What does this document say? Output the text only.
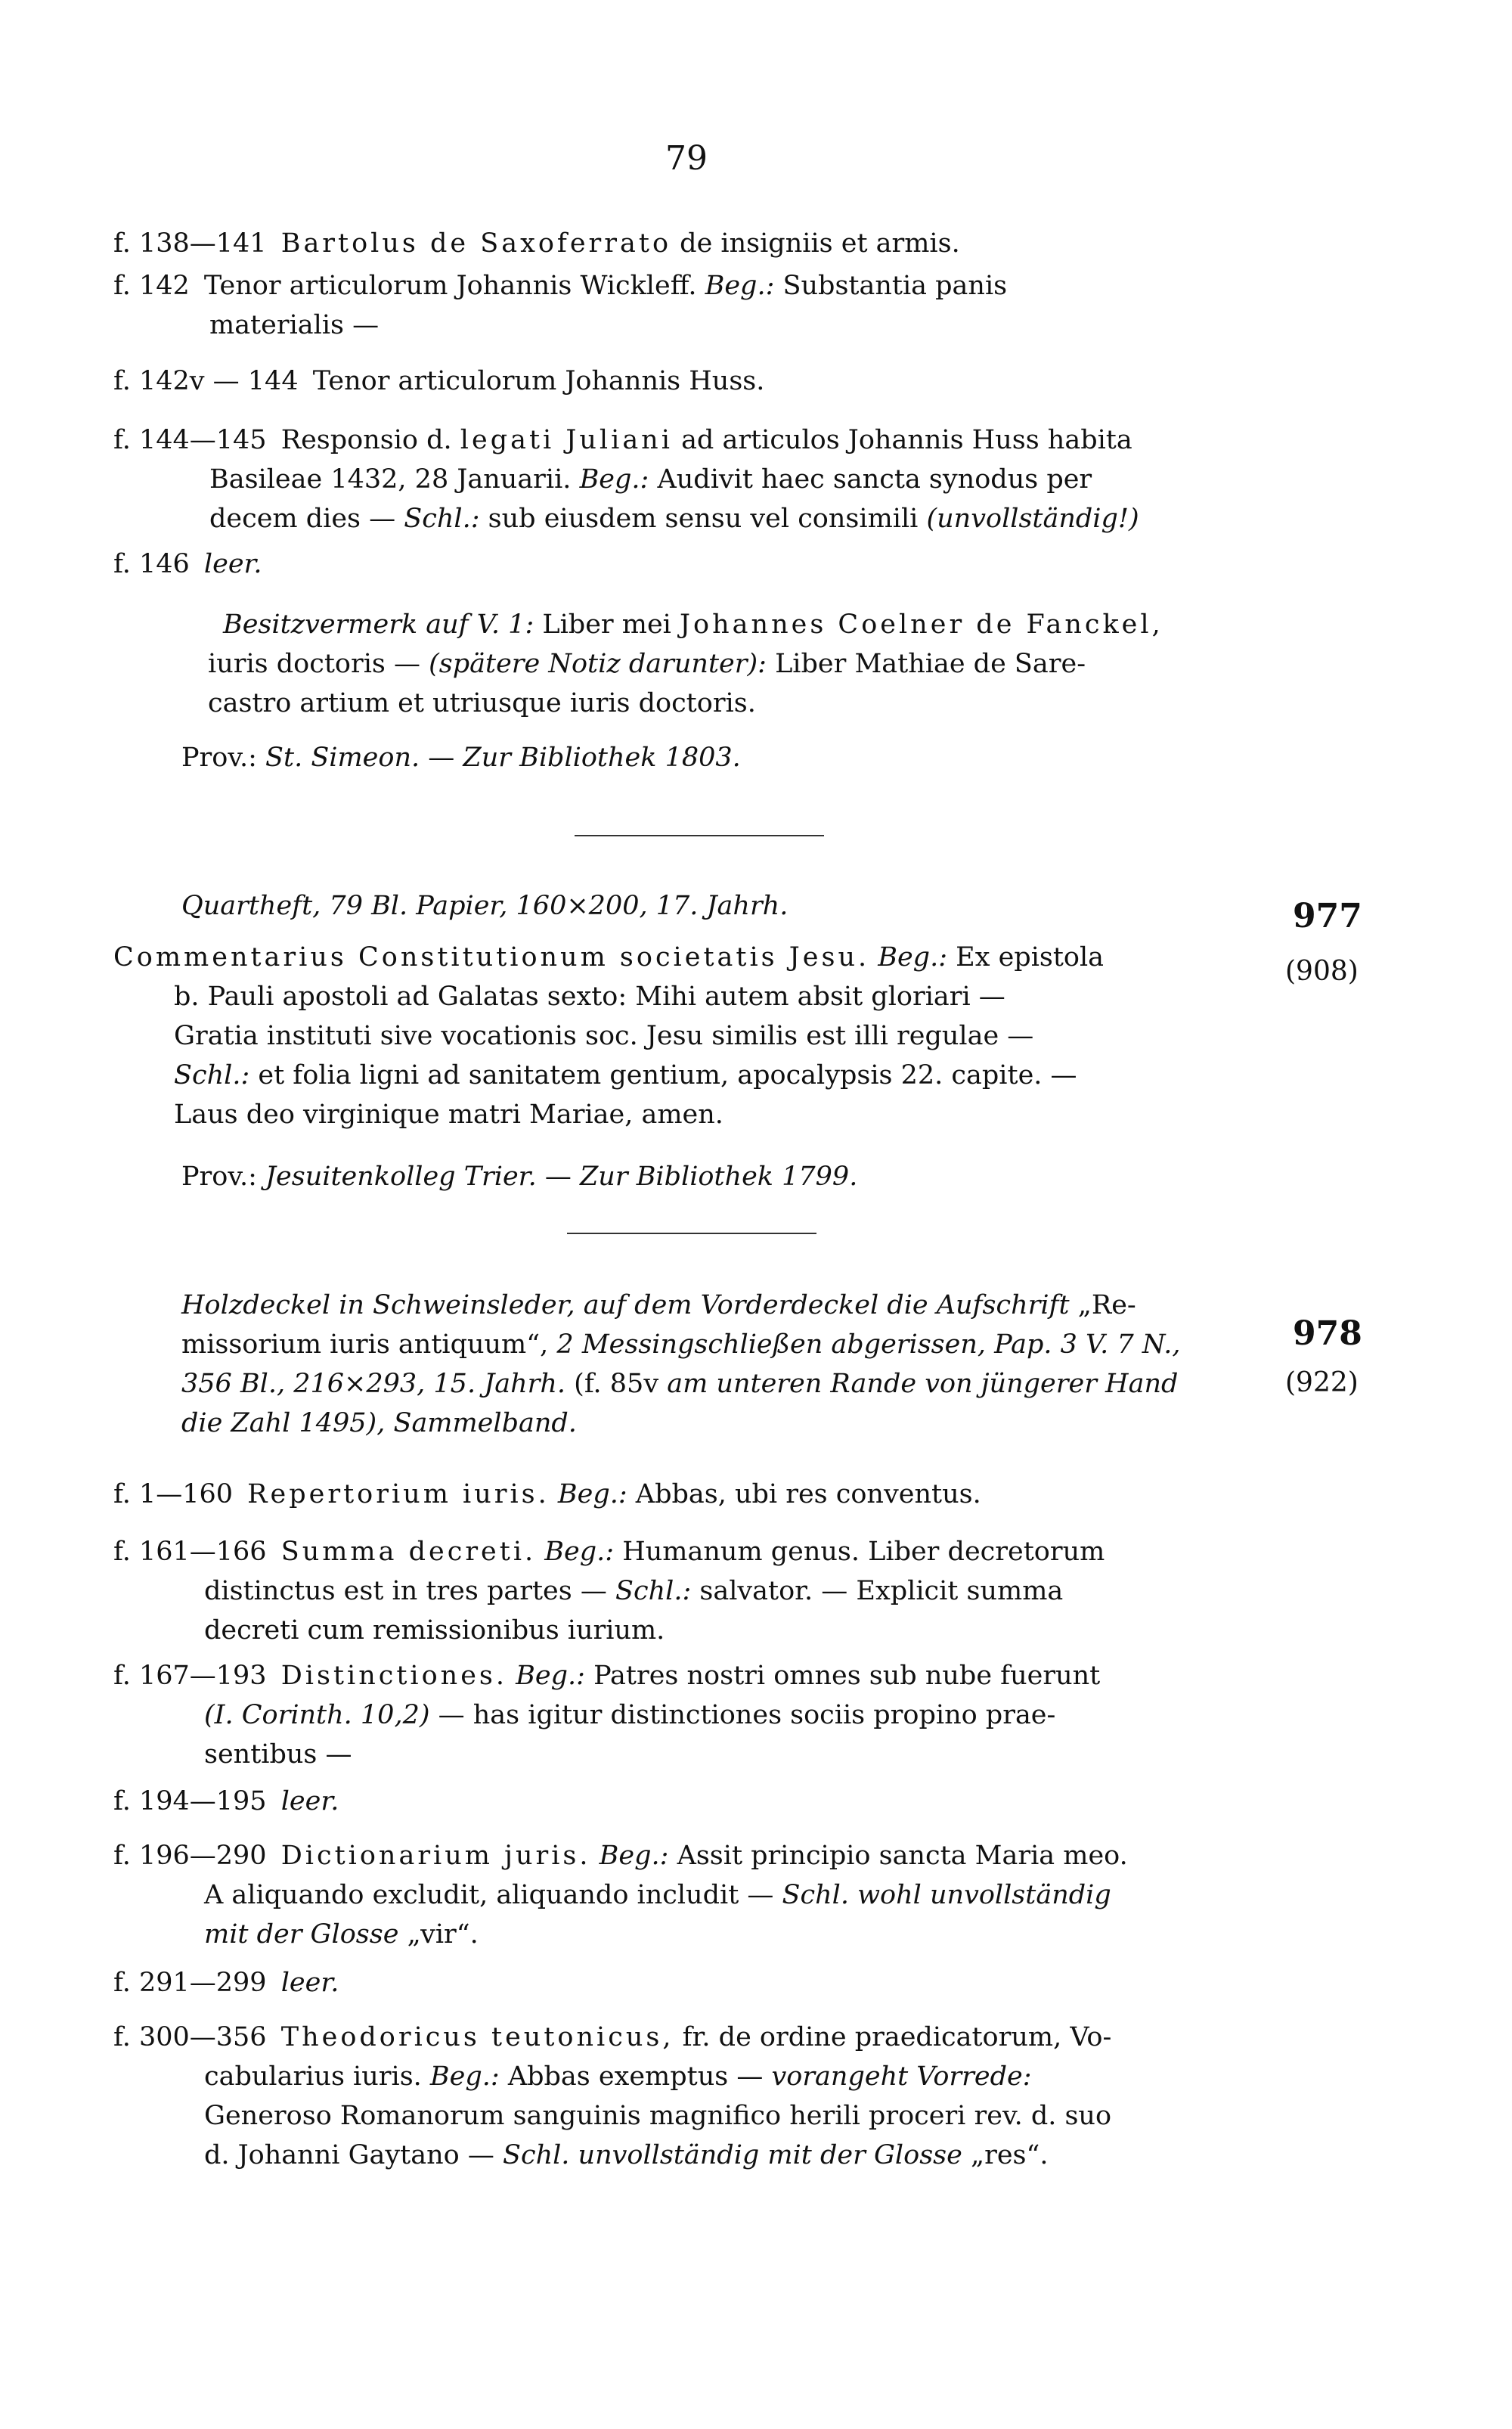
79
f. 138—141 Bartolus de Saxoferrato de insigniis et armis.
f. 142 Tenor articulorum Johannis Wickleff. Beg.: Substantia panis
materialis —
f. 142v — 144 Tenor articulorum Johannis Huss.
f. 144—145 Responsio d. legati Juliani ad articulos Johannis Huss habita
Basileae 1432, 28 Januarii. Beg.: Audivit haec sancta synodus per
decem dies — Schl.: sub eiusdem sensu vel consimili (unvollständig!)
f. 146 leer.
Besitzvermerk auf V. 1: Liber mei Johannes Coelner de Fanckel,
iuris doctoris — (spätere Notiz darunter): Liber Mathiae de Sare-
castro artium et utriusque iuris doctoris.
Prov.: St. Simeon. — Zur Bibliothek 1803.
977
(908)
Quartheft, 79 Bl. Papier, 160×200, 17. Jahrh.
Commentarius Constitutionum societatis Jesu. Beg.: Ex epistola
b. Pauli apostoli ad Galatas sexto: Mihi autem absit gloriari —
Gratia instituti sive vocationis soc. Jesu similis est illi regulae —
Schl.: et folia ligni ad sanitatem gentium, apocalypsis 22. capite. —
Laus deo virginique matri Mariae, amen.
Prov.: Jesuitenkolleg Trier. — Zur Bibliothek 1799.
978
(922)
Holzdeckel in Schweinsleder, auf dem Vorderdeckel die Aufschrift „Re-
missorium iuris antiquum“, 2 Messingschließen abgerissen, Pap. 3 V. 7 N.,
356 Bl., 216×293, 15. Jahrh. (f. 85v am unteren Rande von jüngerer Hand
die Zahl 1495), Sammelband.
f. 1—160 Repertorium iuris. Beg.: Abbas, ubi res conventus.
f. 161—166 Summa decreti. Beg.: Humanum genus. Liber decretorum
distinctus est in tres partes — Schl.: salvator. — Explicit summa
decreti cum remissionibus iurium.
f. 167—193 Distinctiones. Beg.: Patres nostri omnes sub nube fuerunt
(I. Corinth. 10,2) — has igitur distinctiones sociis propino prae-
sentibus —
f. 194—195 leer.
f. 196—290 Dictionarium juris. Beg.: Assit principio sancta Maria meo.
A aliquando excludit, aliquando includit — Schl. wohl unvollständig
mit der Glosse „vir“.
f. 291—299 leer.
f. 300—356 Theodoricus teutonicus, fr. de ordine praedicatorum, Vo-
cabularius iuris. Beg.: Abbas exemptus — vorangeht Vorrede:
Generoso Romanorum sanguinis magnifico herili proceri rev. d. suo
d. Johanni Gaytano — Schl. unvollständig mit der Glosse „res“.
